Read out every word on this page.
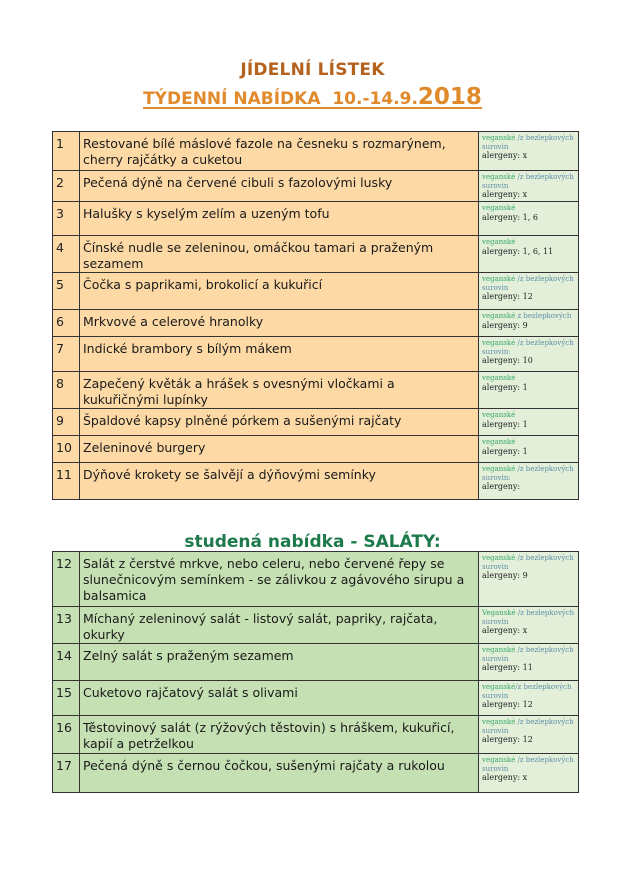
JÍDELNÍ LÍSTEK
TÝDENNÍ NABÍDKA  10.-14.9.2018
1	Restované bílé máslové fazole na česneku s rozmarýnem, cherry rajčátky a cuketou	veganské /z bezlepkových surovin
alergeny: x

2	Pečená dýně na červené cibuli s fazolovými lusky	veganské /z bezlepkových surovin
alergeny: x

3	Halušky s kyselým zelím a uzeným tofu	veganské
alergeny: 1, 6

4	Čínské nudle se zeleninou, omáčkou tamari a praženým sezamem	veganské
alergeny: 1, 6, 11

5	Čočka s paprikami, brokolicí a kukuřicí	veganské /z bezlepkových surovin
alergeny: 12

6	Mrkvové a celerové hranolky	veganské z bezlepkových
alergeny: 9

7	Indické brambory s bílým mákem	veganské /z bezlepkových surovin:
alergeny: 10

8	Zapečený květák a hrášek s ovesnými vločkami a kukuřičnými lupínky	veganské
alergeny: 1

9	Špaldové kapsy plněné pórkem a sušenými rajčaty	veganské
alergeny: 1

10	Zeleninové burgery	veganské
alergeny: 1

11	Dýňové krokety se šalvějí a dýňovými semínky	veganské /z bezlepkových surovin:
alergeny:
studená nabídka - SALÁTY:
12	Salát z čerstvé mrkve, nebo celeru, nebo červené řepy se slunečnicovým semínkem - se zálivkou z agávového sirupu a balsamica	veganské /z bezlepkových surovin
alergeny: 9

13	Míchaný zeleninový salát - listový salát, papriky, rajčata, okurky	Veganské /z bezlepkových surovin
alergeny: x

14	Zelný salát s praženým sezamem	veganské /z bezlepkových surovin
alergeny: 11

15	Cuketovo rajčatový salát s olivami	veganské/z bezlepkových surovin
alergeny: 12

16	Těstovinový salát (z rýžových těstovin) s hráškem, kukuřicí, kapií a petrželkou	veganské /z bezlepkových surovin
alergeny: 12

17	Pečená dýně s černou čočkou, sušenými rajčaty a rukolou	veganské /z bezlepkových surovin
alergeny: x
